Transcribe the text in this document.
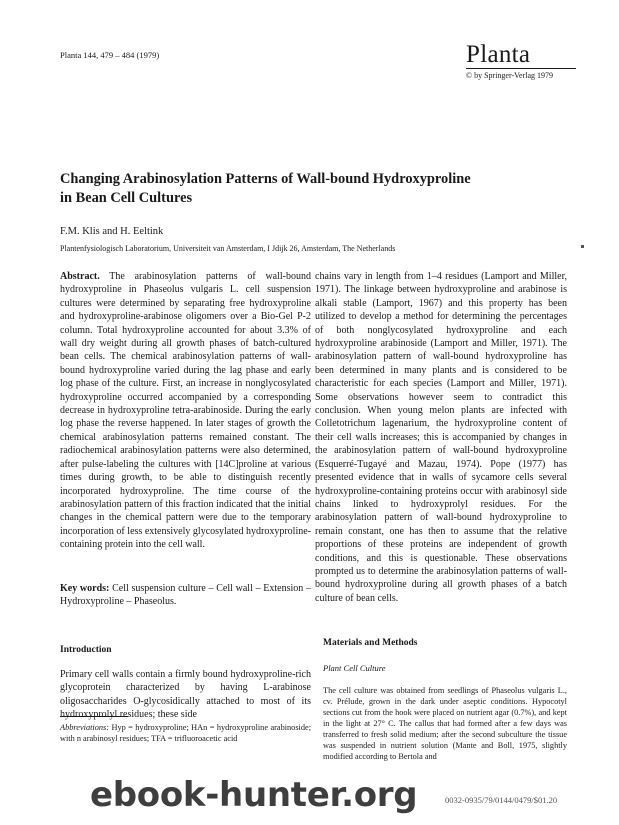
Planta 144, 479 – 484 (1979)	Planta
© by Springer-Verlag 1979
Changing Arabinosylation Patterns of Wall-bound Hydroxyproline
in Bean Cell Cultures
F.M. Klis and H. Eeltink
Plantenfysiologisch Laboratorium, Universiteit van Amsterdam, I Jdijk 26, Amsterdam, The Netherlands

Abstract. The arabinosylation patterns of wall-bound hydroxyproline in Phaseolus vulgaris L. cell suspension cultures were determined by separating free hydroxyproline and hydroxyproline-arabinose oligomers over a Bio-Gel P-2 column. Total hydroxyproline accounted for about 3.3% of wall dry weight during all growth phases of batch-cultured bean cells. The chemical arabinosylation patterns of wall-bound hydroxyproline varied during the lag phase and early log phase of the culture. First, an increase in nonglycosylated hydroxyproline occurred accompanied by a corresponding decrease in hydroxyproline tetra-arabinoside. During the early log phase the reverse happened. In later stages of growth the chemical arabinosylation patterns remained constant. The radiochemical arabinosylation patterns were also determined, after pulse-labeling the cultures with [14C]proline at various times during growth, to be able to distinguish recently incorporated hydroxyproline. The time course of the arabinosylation pattern of this fraction indicated that the initial changes in the chemical pattern were due to the temporary incorporation of less extensively glycosylated hydroxyproline-containing protein into the cell wall.

Key words: Cell suspension culture – Cell wall – Extension – Hydroxyproline – Phaseolus.

chains vary in length from 1–4 residues (Lamport and Miller, 1971). The linkage between hydroxyproline and arabinose is alkali stable (Lamport, 1967) and this property has been utilized to develop a method for determining the percentages of both nonglycosylated hydroxyproline and each hydroxyproline arabinoside (Lamport and Miller, 1971). The arabinosylation pattern of wall-bound hydroxyproline has been determined in many plants and is considered to be characteristic for each species (Lamport and Miller, 1971). Some observations however seem to contradict this conclusion. When young melon plants are infected with Colletotrichum lagenarium, the hydroxyproline content of their cell walls increases; this is accompanied by changes in the arabinosylation pattern of wall-bound hydroxyproline (Esquerré-Tugayé and Mazau, 1974). Pope (1977) has presented evidence that in walls of sycamore cells several hydroxyproline-containing proteins occur with arabinosyl side chains linked to hydroxyprolyl residues. For the arabinosylation pattern of wall-bound hydroxyproline to remain constant, one has then to assume that the relative proportions of these proteins are independent of growth conditions, and this is questionable. These observations prompted us to determine the arabinosylation patterns of wall-bound hydroxyproline during all growth phases of a batch culture of bean cells.

Introduction

Primary cell walls contain a firmly bound hydroxyproline-rich glycoprotein characterized by having L-arabinose oligosaccharides O-glycosidically attached to most of its hydroxyprolyl residues; these side

Abbreviations: Hyp = hydroxyproline; HAn = hydroxyproline arabinoside; with n arabinosyl residues; TFA = trifluoroacetic acid
Materials and Methods
Plant Cell Culture

The cell culture was obtained from seedlings of Phaseolus vulgaris L., cv. Prélude, grown in the dark under aseptic conditions. Hypocotyl sections cut from the hook were placed on nutrient agar (0.7%), and kept in the light at 27° C. The callus that had formed after a few days was transferred to fresh solid medium; after the second subculture the tissue was suspended in nutrient solution (Mante and Boll, 1975, slightly modified according to Bertola and

0032-0935/79/0144/0479/$01.20
ebook-hunter.org
